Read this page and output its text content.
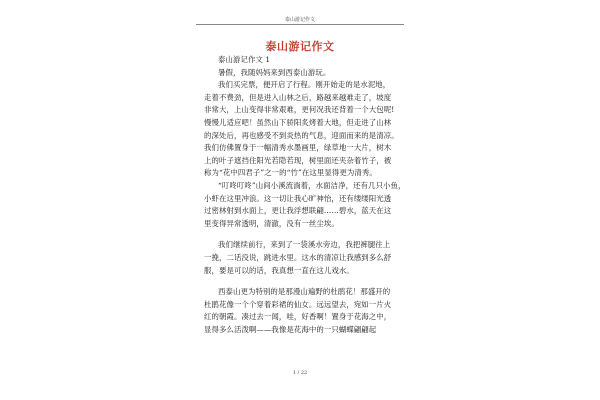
泰山游记作文
泰山游记作文
泰山游记作文 1
暑假，我随妈妈来到西泰山游玩。
我们买完票，便开启了行程。刚开始走的是水泥地，
走着不费劲，但是进入山林之后，路越来越难走了，坡度
非常大，上山变得非常艰难，更何况我还背着一个大包呢!
慢慢儿适应吧！虽然山下骄阳炙烤着大地，但走进了山林
的深处后，再也感受不到炎热的气息，迎面而来的是清凉。
我们仿佛置身于一幅清秀水墨画里，绿草地一大片，树木
上的叶子遮挡住阳光若隐若现，树里面还夹杂着竹子，被
称为“花中四君子”之一的“竹”在这里显得更为清秀。
“叮咚叮咚”山间小溪流淌着，水面洁净，还有几只小鱼，
小虾在这里冲浪。这一切让我心旷神怡，还有缕缕阳光透
过密林射到水面上，更让我浮想联翩……碧水，蓝天在这
里变得异常透明，清澈，没有一丝尘埃。
我们继续前行，来到了一袋溪水旁边，我把裤腿往上
一挽，二话没说，跳进水里。这水的清凉让我感到多么舒
服，要是可以的话，我真想一直在这儿戏水。
西泰山更为特别的是那漫山遍野的杜鹃花！那盛开的
杜鹃花像一个个穿着彩裙的仙女。远远望去，宛如一片火
红的朝霞。凑过去一闻，哇，好香啊！置身于花海之中，
显得多么活泼啊——我像是花海中的一只蝴蝶翩翩起
1 / 22
